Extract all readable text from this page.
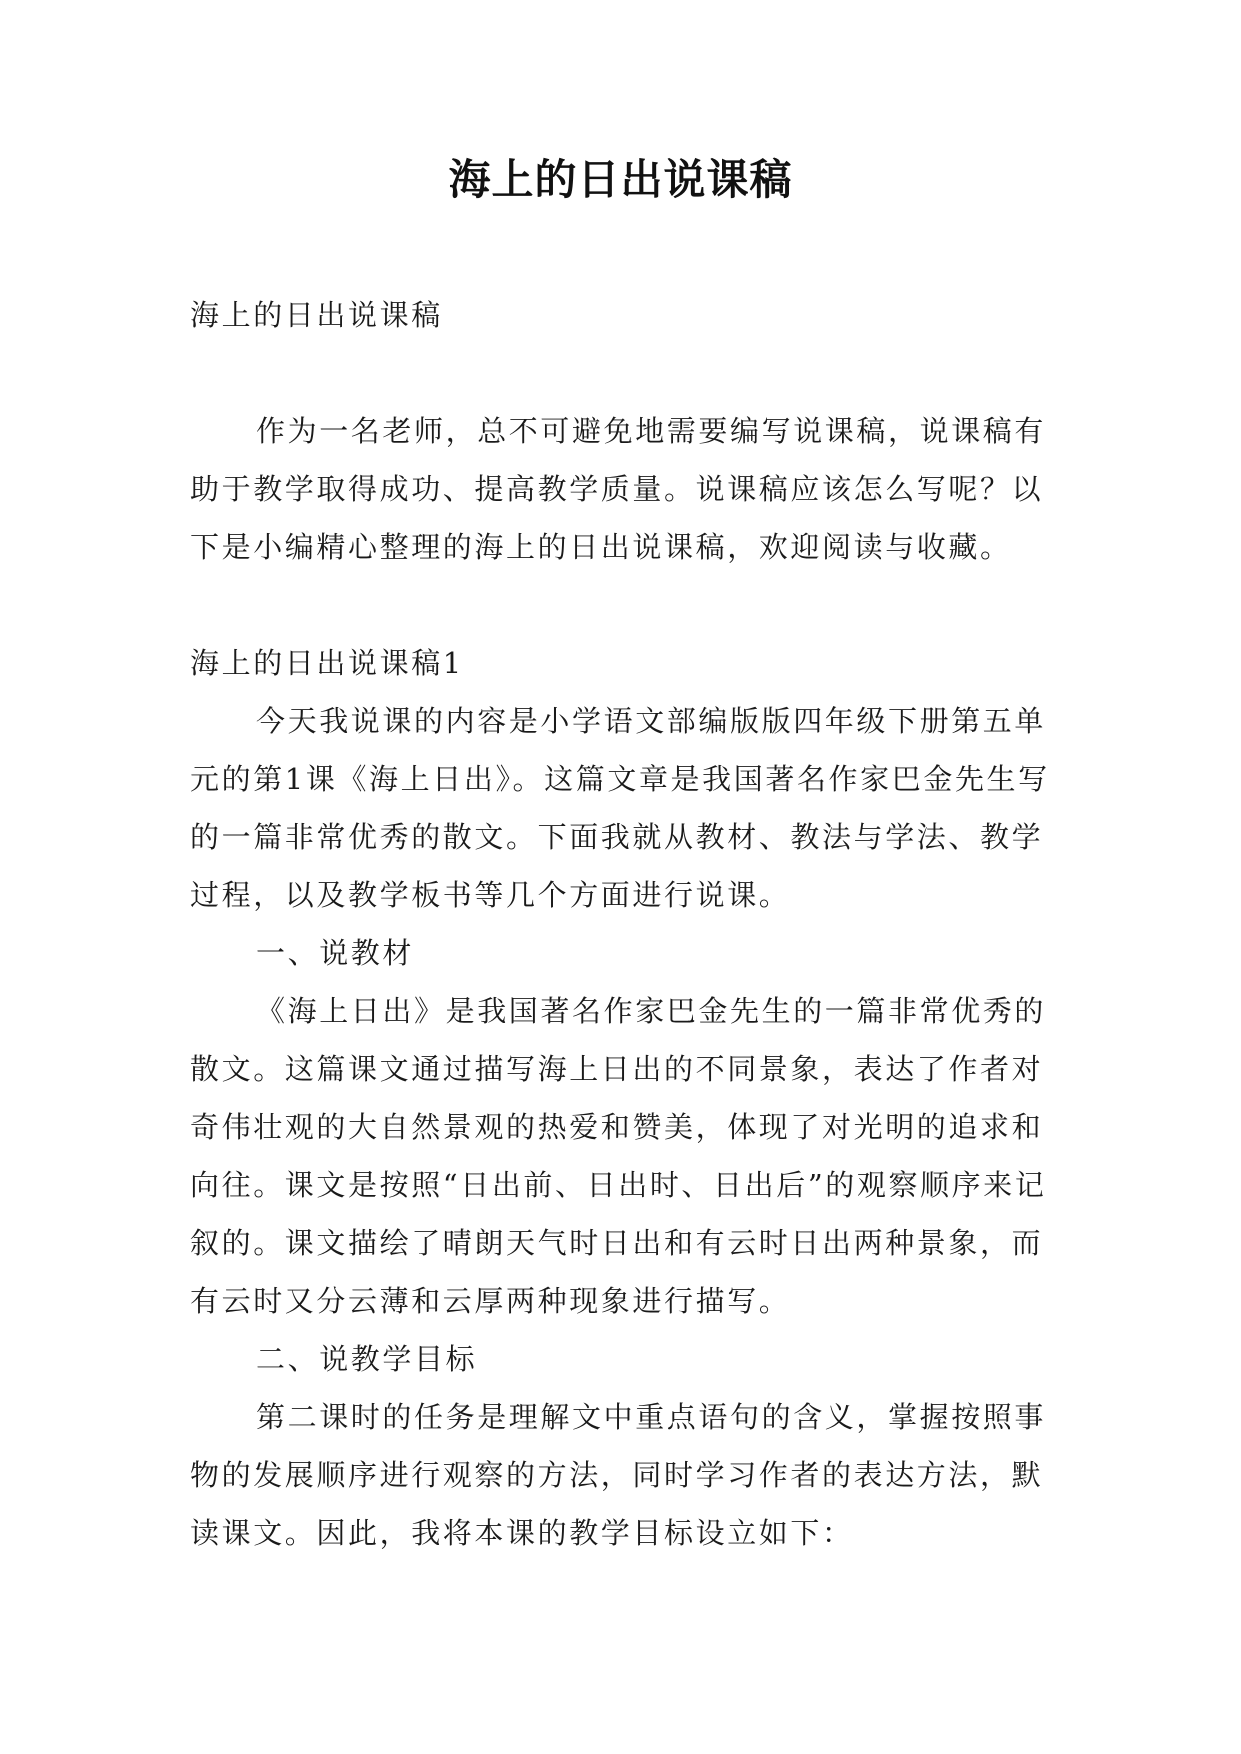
海上的日出说课稿

海上的日出说课稿

作为一名老师，总不可避免地需要编写说课稿，说课稿有助于教学取得成功、提高教学质量。说课稿应该怎么写呢？以下是小编精心整理的海上的日出说课稿，欢迎阅读与收藏。

海上的日出说课稿1

今天我说课的内容是小学语文部编版版四年级下册第五单元的第1课《海上日出》。这篇文章是我国著名作家巴金先生写的一篇非常优秀的散文。下面我就从教材、教法与学法、教学过程，以及教学板书等几个方面进行说课。

一、说教材

《海上日出》是我国著名作家巴金先生的一篇非常优秀的散文。这篇课文通过描写海上日出的不同景象，表达了作者对奇伟壮观的大自然景观的热爱和赞美，体现了对光明的追求和向往。课文是按照“日出前、日出时、日出后”的观察顺序来记叙的。课文描绘了晴朗天气时日出和有云时日出两种景象，而有云时又分云薄和云厚两种现象进行描写。

二、说教学目标

第二课时的任务是理解文中重点语句的含义，掌握按照事物的发展顺序进行观察的方法，同时学习作者的表达方法，默读课文。因此，我将本课的教学目标设立如下：
